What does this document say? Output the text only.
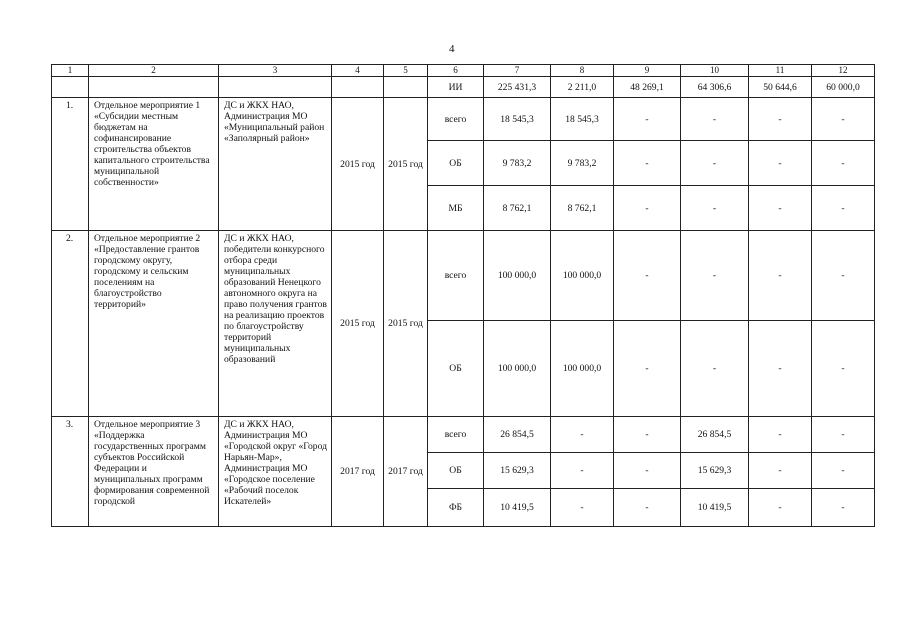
4
1	2	3	4	5	6	7	8	9	10	11	12
					ИИ	225 431,3	2 211,0	48 269,1	64 306,6	50 644,6	60 000,0
1.	Отдельное мероприятие 1 «Субсидии местным бюджетам на софинансирование строительства объектов капитального строительства муниципальной собственности»	ДС и ЖКХ НАО, Администрация МО «Муниципальный район «Заполярный район»	2015 год	2015 год	всего	18 545,3	18 545,3	-	-	-	-
					ОБ	9 783,2	9 783,2	-	-	-	-
					МБ	8 762,1	8 762,1	-	-	-	-
2.	Отдельное мероприятие 2 «Предоставление грантов городскому округу, городскому и сельским поселениям на благоустройство территорий»	ДС и ЖКХ НАО, победители конкурсного отбора среди муниципальных образований Ненецкого автономного округа на право получения грантов на реализацию проектов по благоустройству территорий муниципальных образований	2015 год	2015 год	всего	100 000,0	100 000,0	-	-	-	-
					ОБ	100 000,0	100 000,0	-	-	-	-
3.	Отдельное мероприятие 3 «Поддержка государственных программ субъектов Российской Федерации и муниципальных программ формирования современной городской	ДС и ЖКХ НАО, Администрация МО «Городской округ «Город Нарьян-Мар», Администрация МО «Городское поселение «Рабочий поселок Искателей»	2017 год	2017 год	всего	26 854,5	-	-	26 854,5	-	-
					ОБ	15 629,3	-	-	15 629,3	-	-
					ФБ	10 419,5	-	-	10 419,5	-	-
